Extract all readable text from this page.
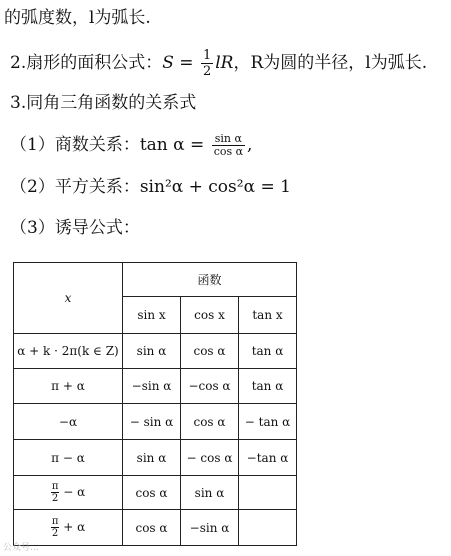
的弧度数，l为弧长.
2.扇形的面积公式：$S = \frac{1}{2}$ lR，R为圆的半径，l为弧长.
3.同角三角函数的关系式
（1）商数关系：$\tan \alpha = \frac{\text{sin α}}{\text{cos α}}$ ,
（2）平方关系：sin²α + cos²α = 1
（3）诱导公式：
x	函数		
	sin x	cos x	tan x
α + k · 2π(k ∈ Z)	sin α	cos α	tan α
π + α	−sin α	−cos α	tan α
−α	− sin α	cos α	− tan α
π − α	sin α	− cos α	−tan α

$\frac{\pi}{2} - \alpha$	cos α	sin α	

$\frac{\pi}{2} + \alpha$	cos α	−sin α	
公众号...
